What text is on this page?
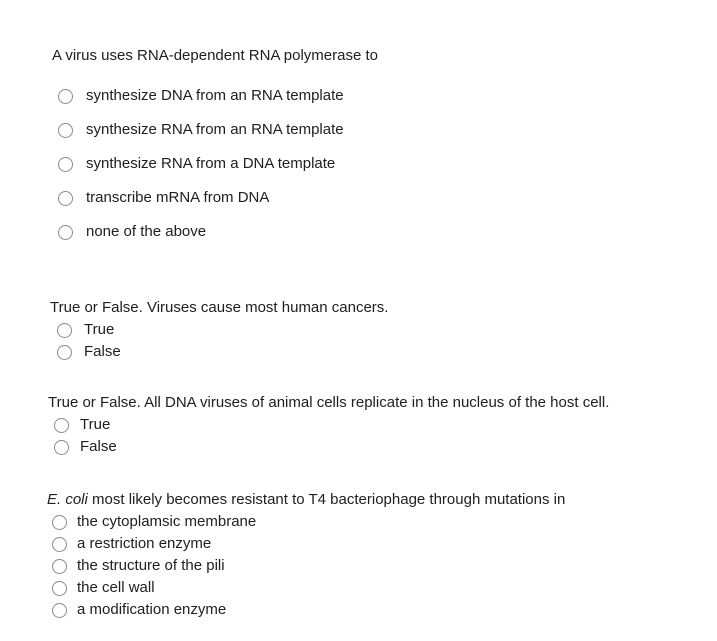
A virus uses RNA-dependent RNA polymerase to
synthesize DNA from an RNA template
synthesize RNA from an RNA template
synthesize RNA from a DNA template
transcribe mRNA from DNA
none of the above
True or False. Viruses cause most human cancers.
True
False
True or False. All DNA viruses of animal cells replicate in the nucleus of the host cell.
True
False
E. coli most likely becomes resistant to T4 bacteriophage through mutations in
the cytoplamsic membrane
a restriction enzyme
the structure of the pili
the cell wall
a modification enzyme
